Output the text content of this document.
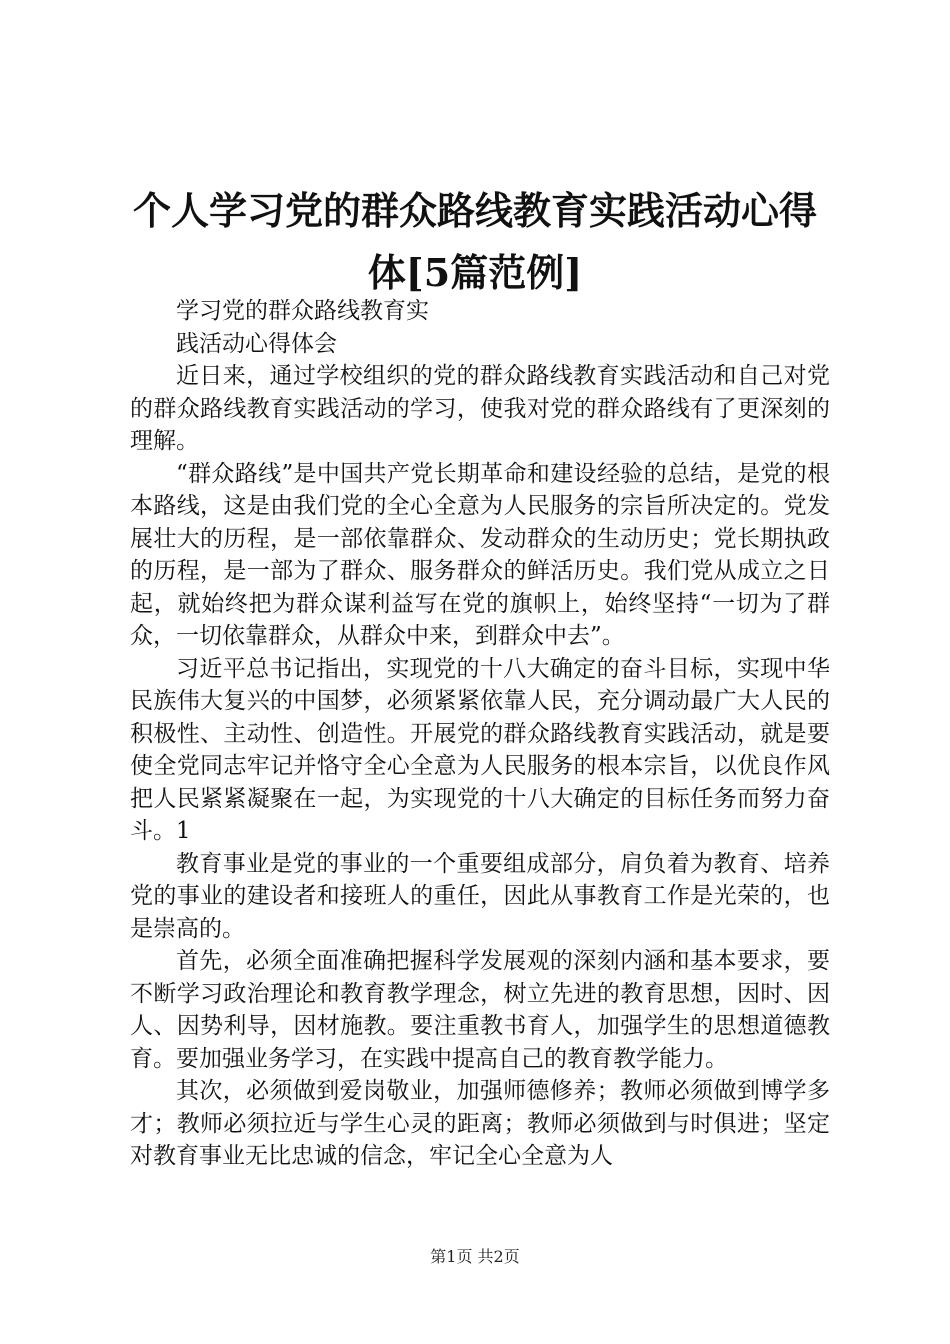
个人学习党的群众路线教育实践活动心得体[5篇范例]

学习党的群众路线教育实

践活动心得体会

近日来，通过学校组织的党的群众路线教育实践活动和自己对党的群众路线教育实践活动的学习，使我对党的群众路线有了更深刻的理解。

“群众路线”是中国共产党长期革命和建设经验的总结，是党的根本路线，这是由我们党的全心全意为人民服务的宗旨所决定的。党发展壮大的历程，是一部依靠群众、发动群众的生动历史；党长期执政的历程，是一部为了群众、服务群众的鲜活历史。我们党从成立之日起，就始终把为群众谋利益写在党的旗帜上，始终坚持“一切为了群众，一切依靠群众，从群众中来，到群众中去”。

习近平总书记指出，实现党的十八大确定的奋斗目标，实现中华民族伟大复兴的中国梦，必须紧紧依靠人民，充分调动最广大人民的积极性、主动性、创造性。开展党的群众路线教育实践活动，就是要使全党同志牢记并恪守全心全意为人民服务的根本宗旨，以优良作风把人民紧紧凝聚在一起，为实现党的十八大确定的目标任务而努力奋斗。1

教育事业是党的事业的一个重要组成部分，肩负着为教育、培养党的事业的建设者和接班人的重任，因此从事教育工作是光荣的，也是崇高的。

首先，必须全面准确把握科学发展观的深刻内涵和基本要求，要不断学习政治理论和教育教学理念，树立先进的教育思想，因时、因人、因势利导，因材施教。要注重教书育人，加强学生的思想道德教育。要加强业务学习，在实践中提高自己的教育教学能力。

其次，必须做到爱岗敬业，加强师德修养；教师必须做到博学多才；教师必须拉近与学生心灵的距离；教师必须做到与时俱进；坚定对教育事业无比忠诚的信念，牢记全心全意为人

第1页 共2页
